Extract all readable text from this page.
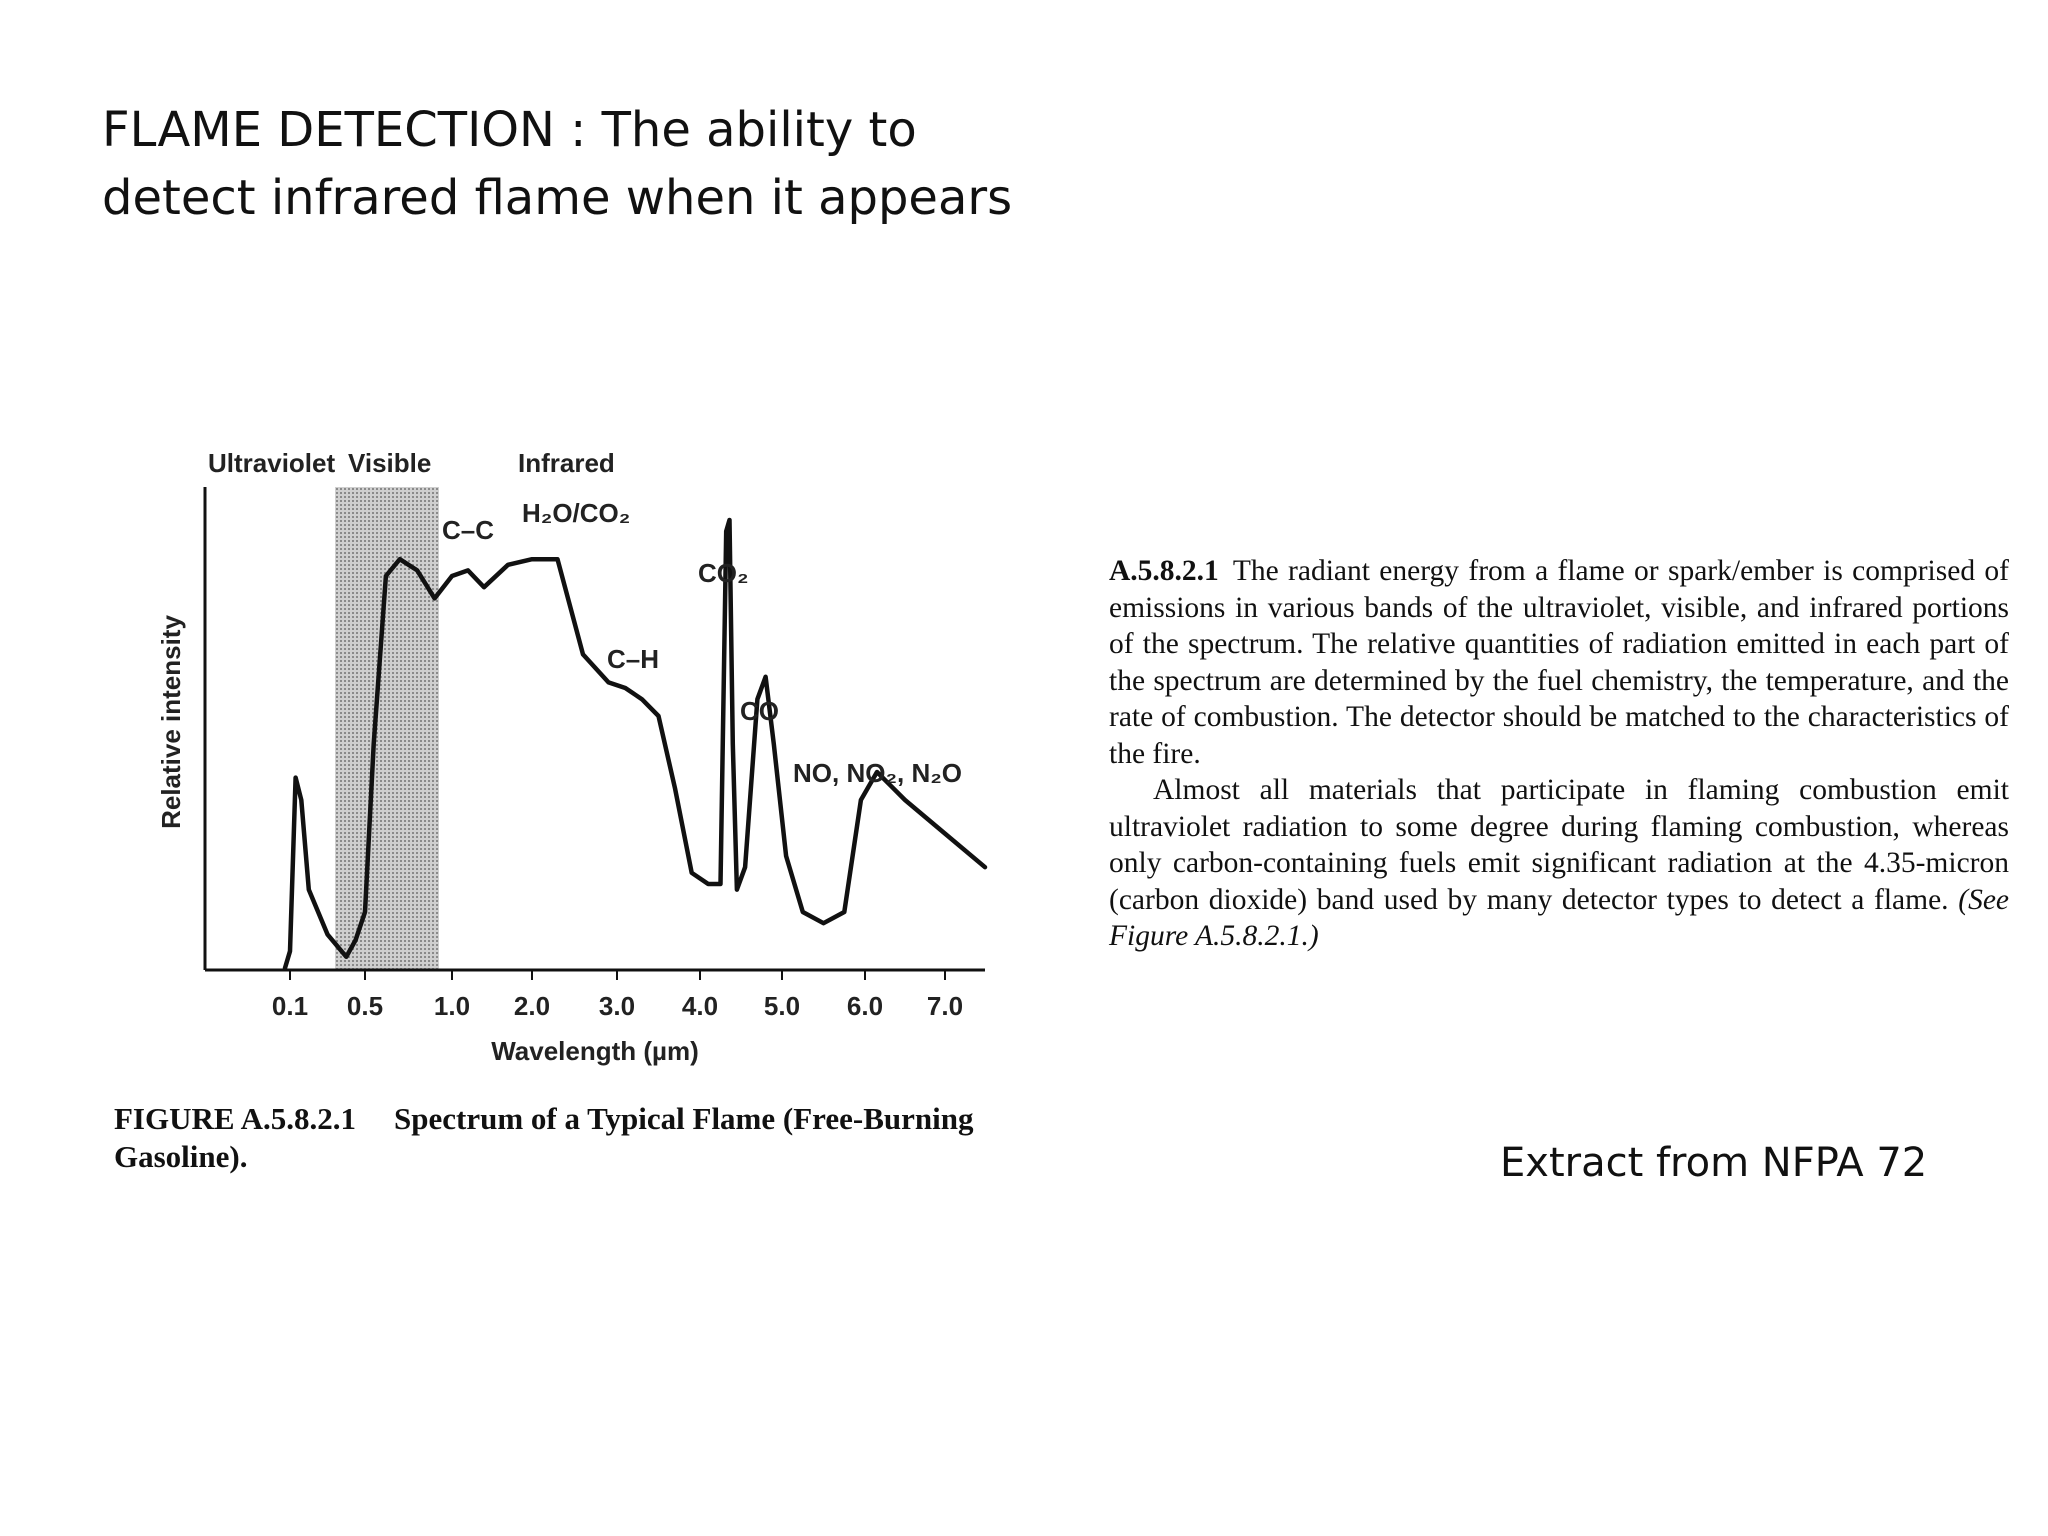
FLAME DETECTION : The ability to
detect infrared flame when it appears
0.1 0.5 1.0 2.0 3.0 4.0 5.0 6.0 7.0
Wavelength (µm)
Relative intensity
Ultraviolet Visible	Infrared
C–C
H₂O/CO₂
CO₂
C–H
CO
NO, NO₂, N₂O
FIGURE A.5.8.2.1 Spectrum of a Typical Flame (Free-Burning Gasoline).

A.5.8.2.1 The radiant energy from a flame or spark/ember is comprised of emissions in various bands of the ultraviolet, visible, and infrared portions of the spectrum. The relative quantities of radiation emitted in each part of the spectrum are determined by the fuel chemistry, the temperature, and the rate of combustion. The detector should be matched to the characteristics of the fire.

Almost all materials that participate in flaming combustion emit ultraviolet radiation to some degree during flaming combustion, whereas only carbon-containing fuels emit significant radiation at the 4.35-micron (carbon dioxide) band used by many detector types to detect a flame. (See Figure A.5.8.2.1.)

Extract from NFPA 72
